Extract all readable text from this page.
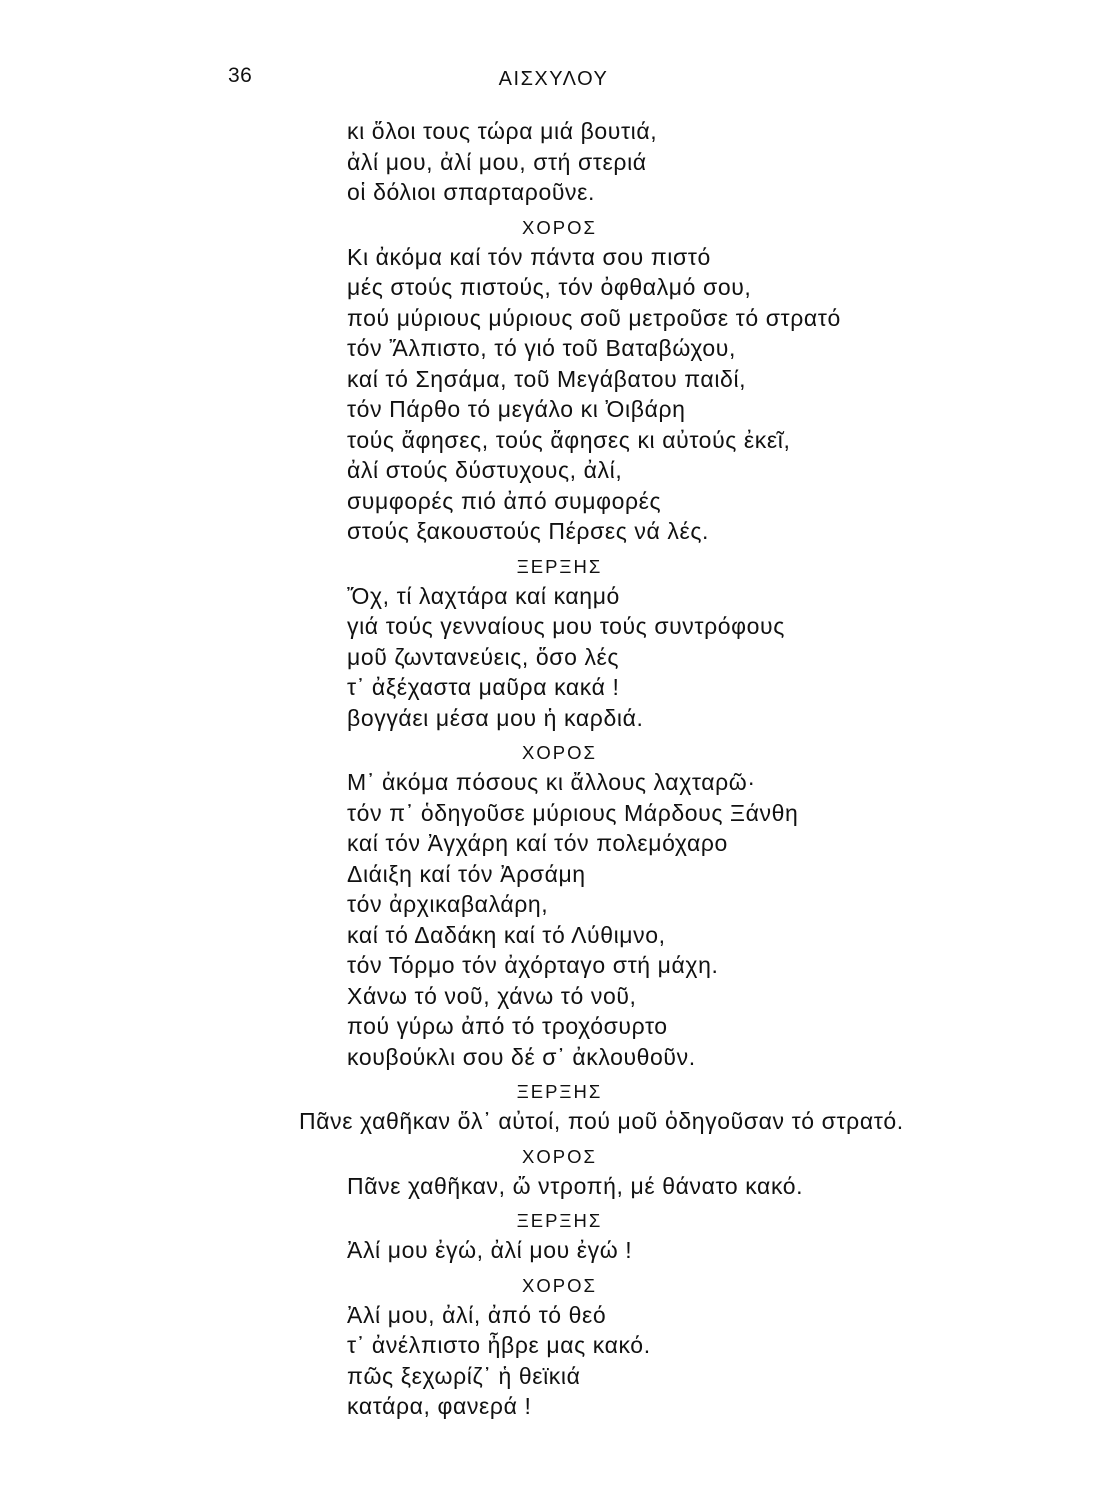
36	ΑΙΣΧΥΛΟΥ
κι ὅλοι τους τώρα μιά βουτιά,
ἀλί μου, ἀλί μου, στή στεριά
οἱ δόλιοι σπαρταροῦνε.
ΧΟΡΟΣ
Κι ἀκόμα καί τόν πάντα σου πιστό
μές στούς πιστούς, τόν ὀφθαλμό σου,
πού μύριους μύριους σοῦ μετροῦσε τό στρατό
τόν Ἄλπιστο, τό γιό τοῦ Βαταβώχου,
καί τό Σησάμα, τοῦ Μεγάβατου παιδί,
τόν Πάρθο τό μεγάλο κι Ὀιβάρη
τούς ἄφησες, τούς ἄφησες κι αὐτούς ἐκεῖ,
ἀλί στούς δύστυχους, ἀλί,
συμφορές πιό ἀπό συμφορές
στούς ξακουστούς Πέρσες νά λές.
ΞΕΡΞΗΣ
Ὄχ, τί λαχτάρα καί καημό
γιά τούς γενναίους μου τούς συντρόφους
μοῦ ζωντανεύεις, ὅσο λές
τ᾽ ἀξέχαστα μαῦρα κακά !
βογγάει μέσα μου ἡ καρδιά.
ΧΟΡΟΣ
Μ᾽ ἀκόμα πόσους κι ἄλλους λαχταρῶ·
τόν π᾽ ὁδηγοῦσε μύριους Μάρδους Ξάνθη
καί τόν Ἀγχάρη καί τόν πολεμόχαρο
Διάιξη καί τόν Ἀρσάμη
τόν ἀρχικαβαλάρη,
καί τό Δαδάκη καί τό Λύθιμνο,
τόν Τόρμο τόν ἀχόρταγο στή μάχη.
Χάνω τό νοῦ, χάνω τό νοῦ,
πού γύρω ἀπό τό τροχόσυρτο
κουβούκλι σου δέ σ᾽ ἀκλουθοῦν.
ΞΕΡΞΗΣ
Πᾶνε χαθῆκαν ὅλ᾽ αὐτοί, πού μοῦ ὁδηγοῦσαν τό στρατό.
ΧΟΡΟΣ
Πᾶνε χαθῆκαν, ὤ ντροπή, μέ θάνατο κακό.
ΞΕΡΞΗΣ
Ἀλί μου ἐγώ, ἀλί μου ἐγώ !
ΧΟΡΟΣ
Ἀλί μου, ἀλί, ἀπό τό θεό
τ᾽ ἀνέλπιστο ἦβρε μας κακό.
πῶς ξεχωρίζ᾽ ἡ θεϊκιά
κατάρα, φανερά !
